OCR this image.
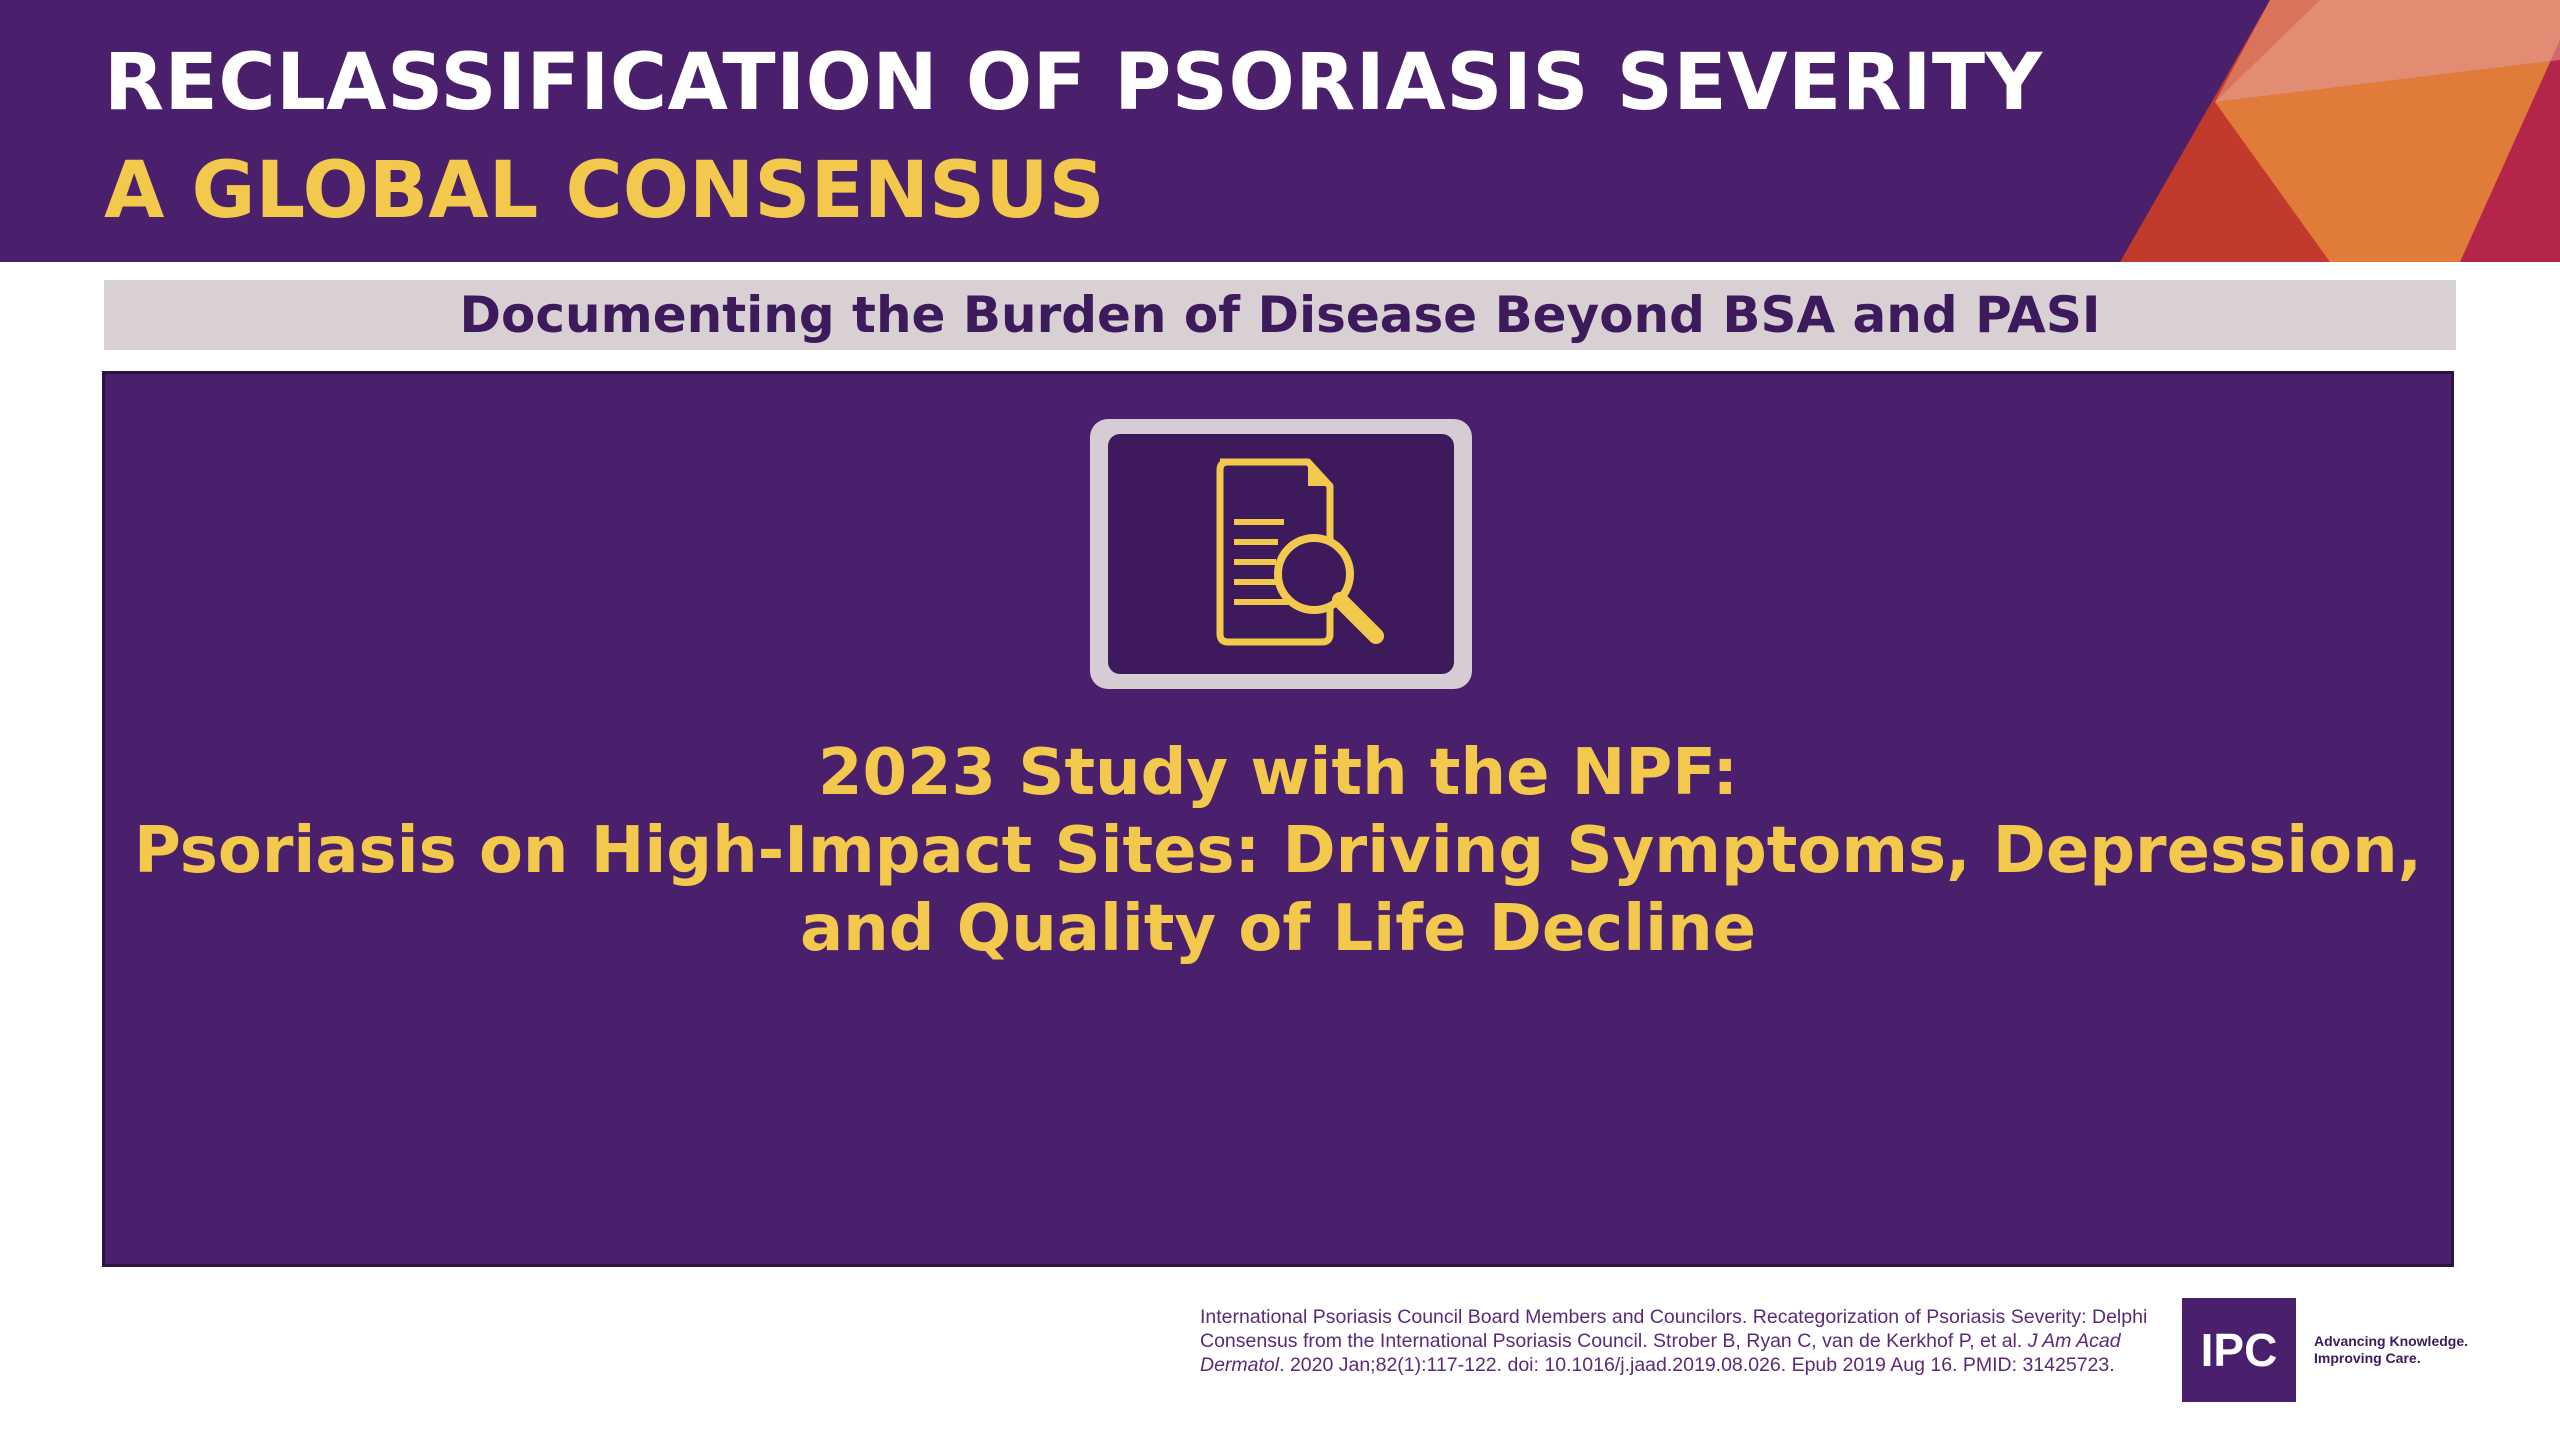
RECLASSIFICATION OF PSORIASIS SEVERITY
A GLOBAL CONSENSUS
Documenting the Burden of Disease Beyond BSA and PASI
2023 Study with the NPF:
Psoriasis on High-Impact Sites: Driving Symptoms, Depression,
and Quality of Life Decline
International Psoriasis Council Board Members and Councilors. Recategorization of Psoriasis Severity: Delphi Consensus from the International Psoriasis Council. Strober B, Ryan C, van de Kerkhof P, et al. J Am Acad Dermatol. 2020 Jan;82(1):117-122. doi: 10.1016/j.jaad.2019.08.026. Epub 2019 Aug 16. PMID: 31425723.	IPC	Advancing Knowledge.
Improving Care.
